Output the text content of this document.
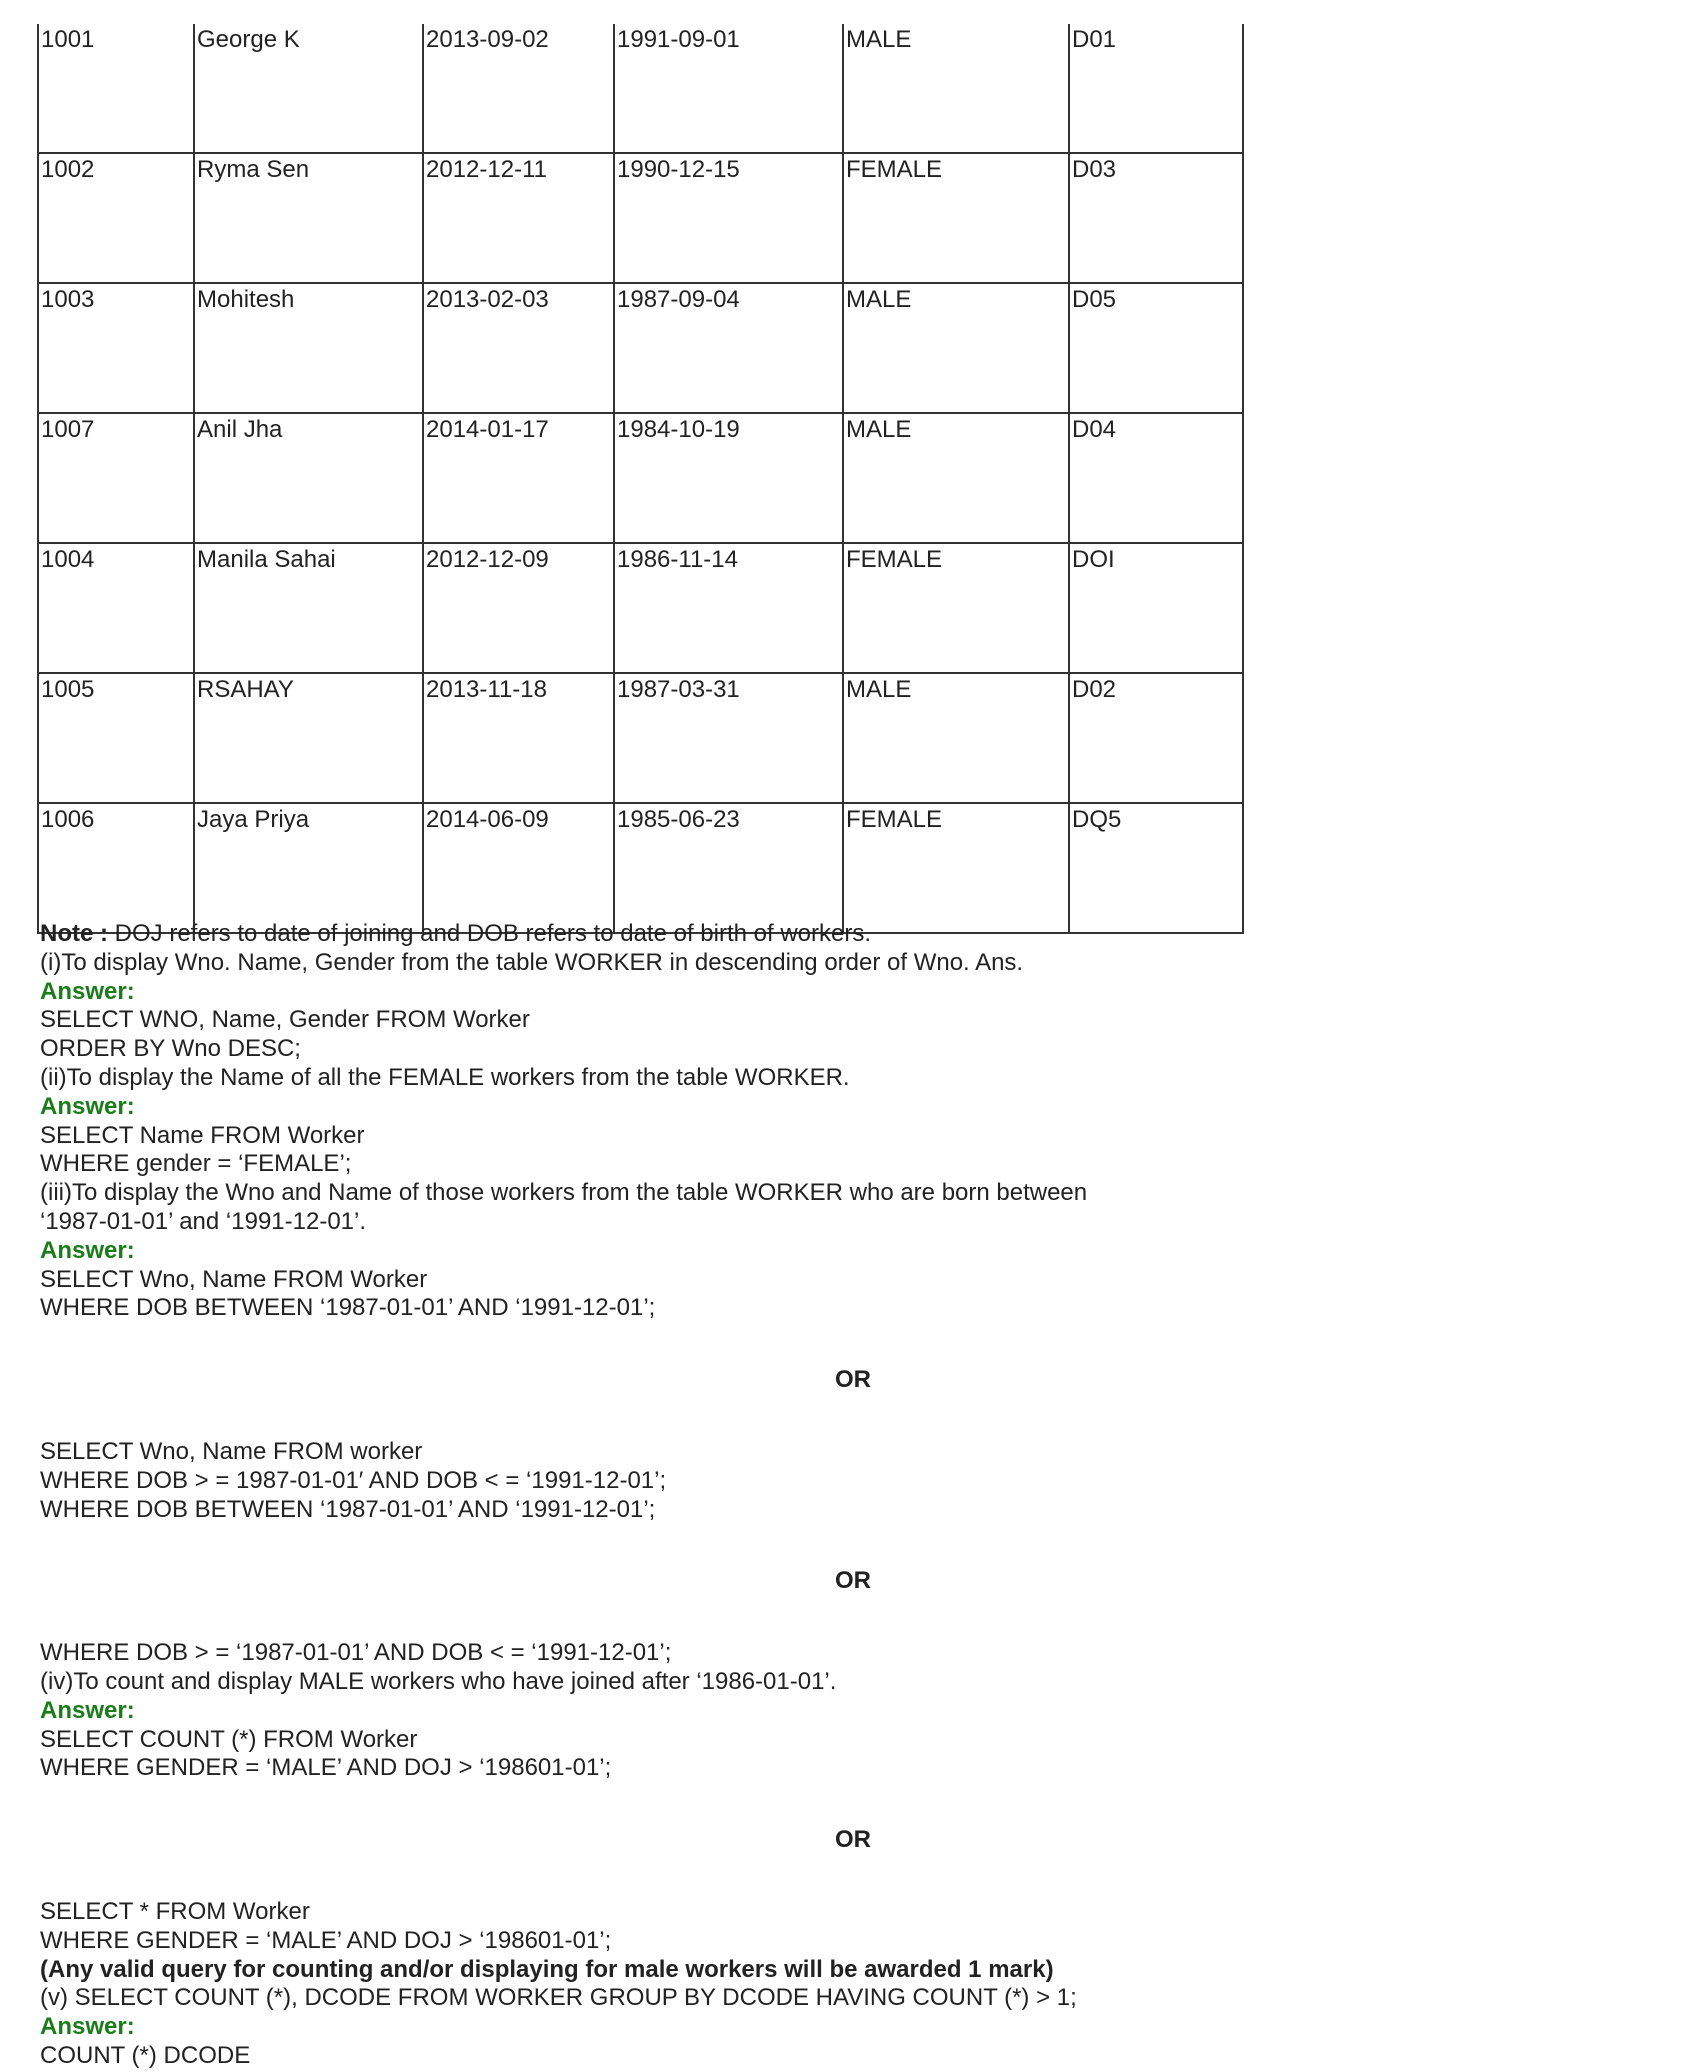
1001	George K	2013-09-02	1991-09-01	MALE	D01
1002	Ryma Sen	2012-12-11	1990-12-15	FEMALE	D03
1003	Mohitesh	2013-02-03	1987-09-04	MALE	D05
1007	Anil Jha	2014-01-17	1984-10-19	MALE	D04
1004	Manila Sahai	2012-12-09	1986-11-14	FEMALE	DOI
1005	RSAHAY	2013-11-18	1987-03-31	MALE	D02
1006	Jaya Priya	2014-06-09	1985-06-23	FEMALE	DQ5
Note : DOJ refers to date of joining and DOB refers to date of birth of workers.
(i)To display Wno. Name, Gender from the table WORKER in descending order of Wno. Ans.
Answer:
SELECT WNO, Name, Gender FROM Worker
ORDER BY Wno DESC;
(ii)To display the Name of all the FEMALE workers from the table WORKER.
Answer:
SELECT Name FROM Worker
WHERE gender = ‘FEMALE’;
(iii)To display the Wno and Name of those workers from the table WORKER who are born between
‘1987-01-01’ and ‘1991-12-01’.
Answer:
SELECT Wno, Name FROM Worker
WHERE DOB BETWEEN ‘1987-01-01’ AND ‘1991-12-01’;
OR
SELECT Wno, Name FROM worker
WHERE DOB > = 1987-01-01′ AND DOB < = ‘1991-12-01’;
WHERE DOB BETWEEN ‘1987-01-01’ AND ‘1991-12-01’;
OR
WHERE DOB > = ‘1987-01-01’ AND DOB < = ‘1991-12-01’;
(iv)To count and display MALE workers who have joined after ‘1986-01-01’.
Answer:
SELECT COUNT (*) FROM Worker
WHERE GENDER = ‘MALE’ AND DOJ > ‘198601-01’;
OR
SELECT * FROM Worker
WHERE GENDER = ‘MALE’ AND DOJ > ‘198601-01’;
(Any valid query for counting and/or displaying for male workers will be awarded 1 mark)
(v) SELECT COUNT (*), DCODE FROM WORKER GROUP BY DCODE HAVING COUNT (*) > 1;
Answer:
COUNT (*) DCODE
